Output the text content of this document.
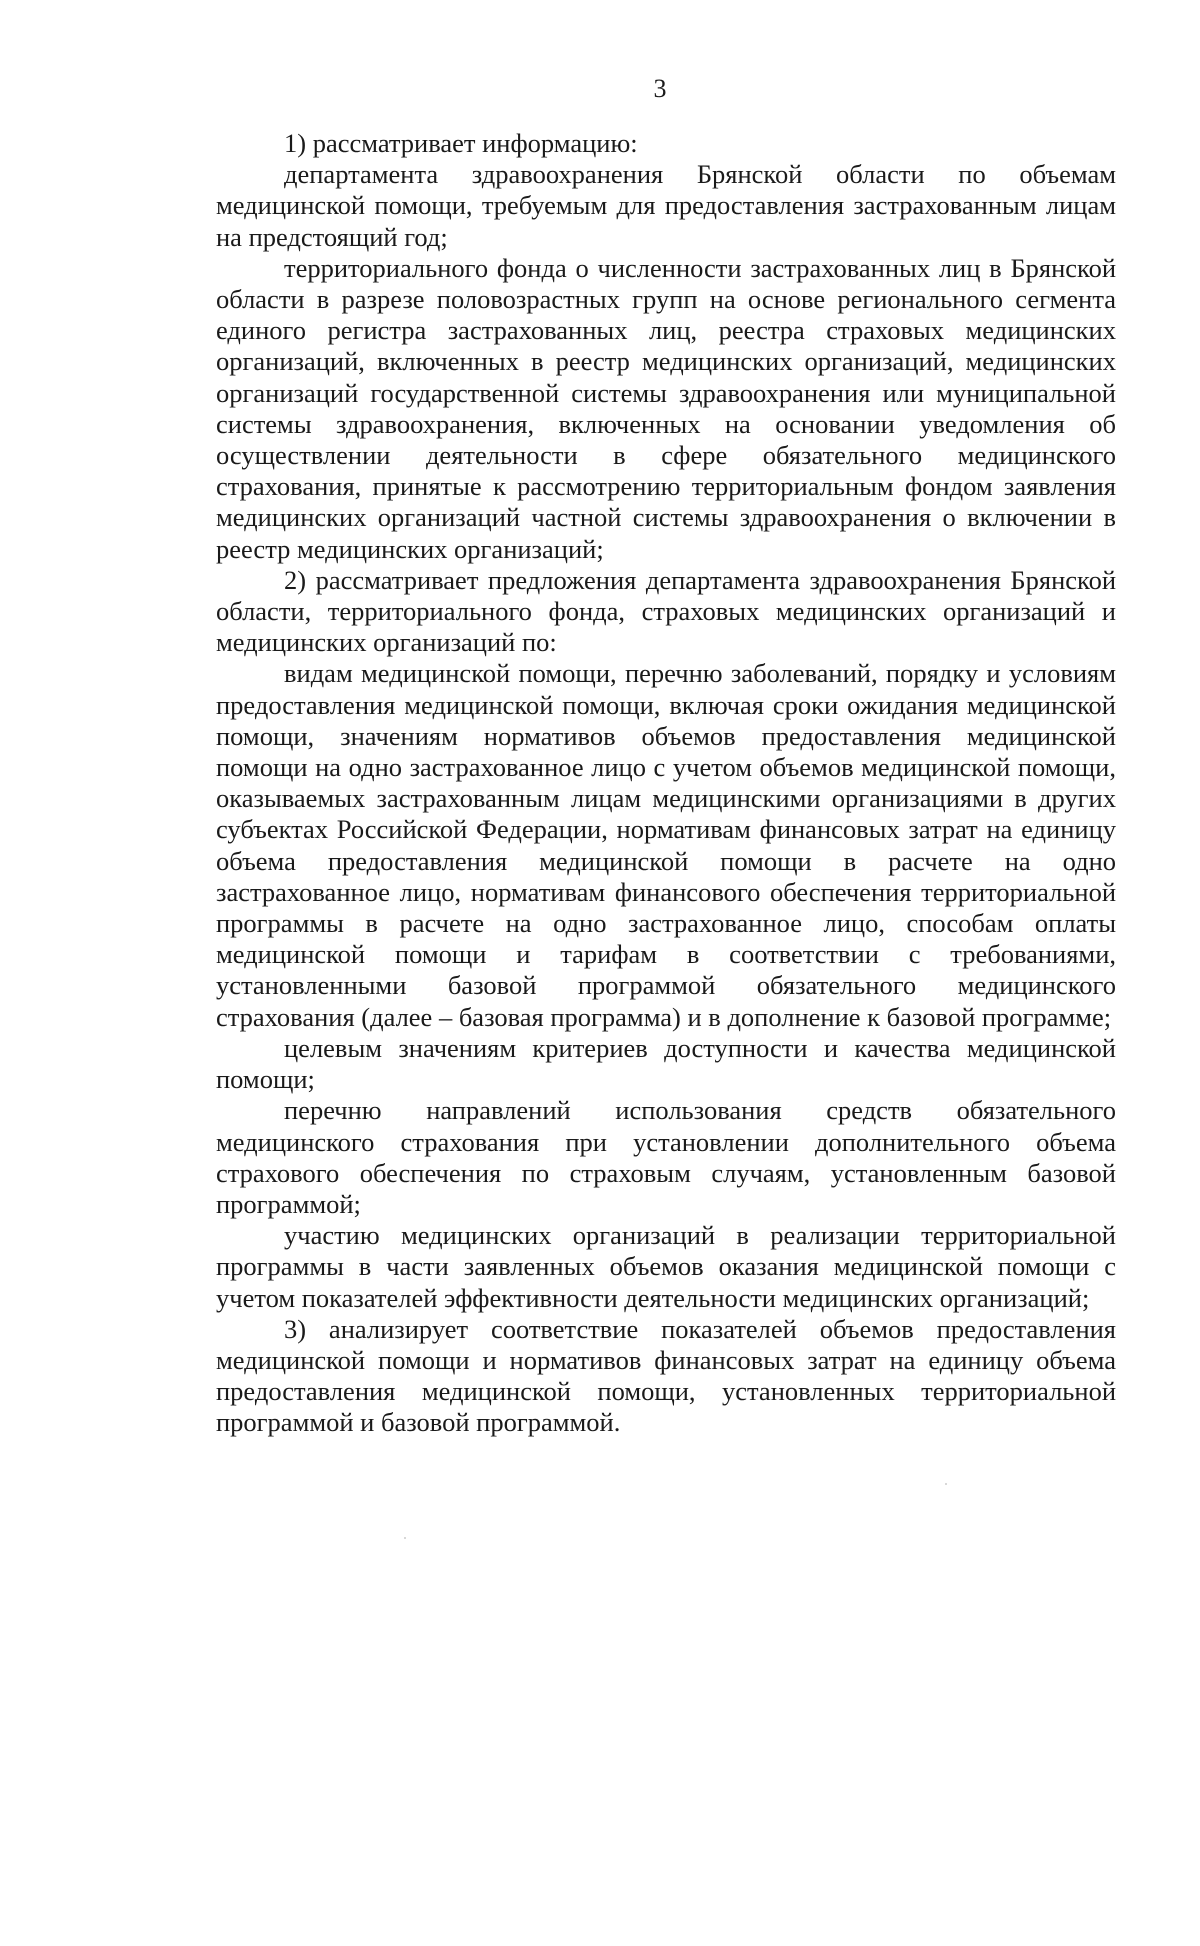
3

1) рассматривает информацию:

департамента здравоохранения Брянской области по объемам медицинской помощи, требуемым для предоставления застрахованным лицам на предстоящий год;

территориального фонда о численности застрахованных лиц в Брянской области в разрезе половозрастных групп на основе регионального сегмента единого регистра застрахованных лиц, реестра страховых медицинских организаций, включенных в реестр медицинских организаций, медицинских организаций государственной системы здравоохранения или муниципальной системы здравоохранения, включенных на основании уведомления об осуществлении деятельности в сфере обязательного медицинского страхования, принятые к рассмотрению территориальным фондом заявления медицинских организаций частной системы здравоохранения о включении в реестр медицинских организаций;

2) рассматривает предложения департамента здравоохранения Брянской области, территориального фонда, страховых медицинских организаций и медицинских организаций по:

видам медицинской помощи, перечню заболеваний, порядку и условиям предоставления медицинской помощи, включая сроки ожидания медицинской помощи, значениям нормативов объемов предоставления медицинской помощи на одно застрахованное лицо с учетом объемов медицинской помощи, оказываемых застрахованным лицам медицинскими организациями в других субъектах Российской Федерации, нормативам финансовых затрат на единицу объема предоставления медицинской помощи в расчете на одно застрахованное лицо, нормативам финансового обеспечения территориальной программы в расчете на одно застрахованное лицо, способам оплаты медицинской помощи и тарифам в соответствии с требованиями, установленными базовой программой обязательного медицинского страхования (далее – базовая программа) и в дополнение к базовой программе;

целевым значениям критериев доступности и качества медицинской помощи;

перечню направлений использования средств обязательного медицинского страхования при установлении дополнительного объема страхового обеспечения по страховым случаям, установленным базовой программой;

участию медицинских организаций в реализации территориальной программы в части заявленных объемов оказания медицинской помощи с учетом показателей эффективности деятельности медицинских организаций;

3) анализирует соответствие показателей объемов предоставления медицинской помощи и нормативов финансовых затрат на единицу объема предоставления медицинской помощи, установленных территориальной программой и базовой программой.
